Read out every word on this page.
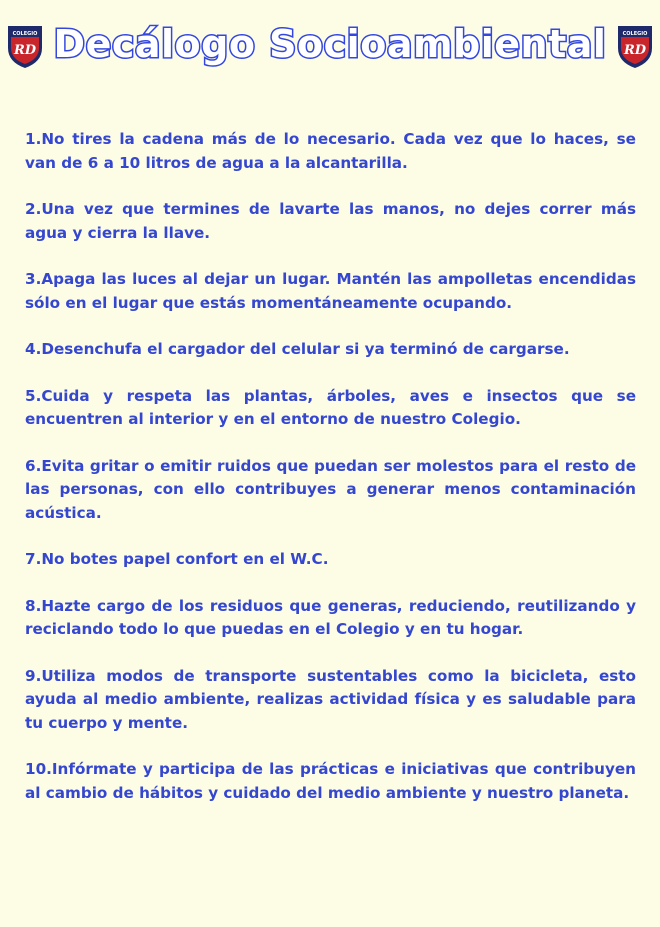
COLEGIO
RD Decálogo Socioambiental	COLEGIO
RD
1.No tires la cadena más de lo necesario. Cada vez que lo haces, se van de 6 a 10 litros de agua a la alcantarilla.
2.Una vez que termines de lavarte las manos, no dejes correr más agua y cierra la llave.
3.Apaga las luces al dejar un lugar. Mantén las ampolletas encendidas sólo en el lugar que estás momentáneamente ocupando.
4.Desenchufa el cargador del celular si ya terminó de cargarse.
5.Cuida y respeta las plantas, árboles, aves e insectos que se encuentren al interior y en el entorno de nuestro Colegio.
6.Evita gritar o emitir ruidos que puedan ser molestos para el resto de las personas, con ello contribuyes a generar menos contaminación acústica.
7.No botes papel confort en el W.C.
8.Hazte cargo de los residuos que generas, reduciendo, reutilizando y reciclando todo lo que puedas en el Colegio y en tu hogar.
9.Utiliza modos de transporte sustentables como la bicicleta, esto ayuda al medio ambiente, realizas actividad física y es saludable para tu cuerpo y mente.
10.Infórmate y participa de las prácticas e iniciativas que contribuyen al cambio de hábitos y cuidado del medio ambiente y nuestro planeta.
